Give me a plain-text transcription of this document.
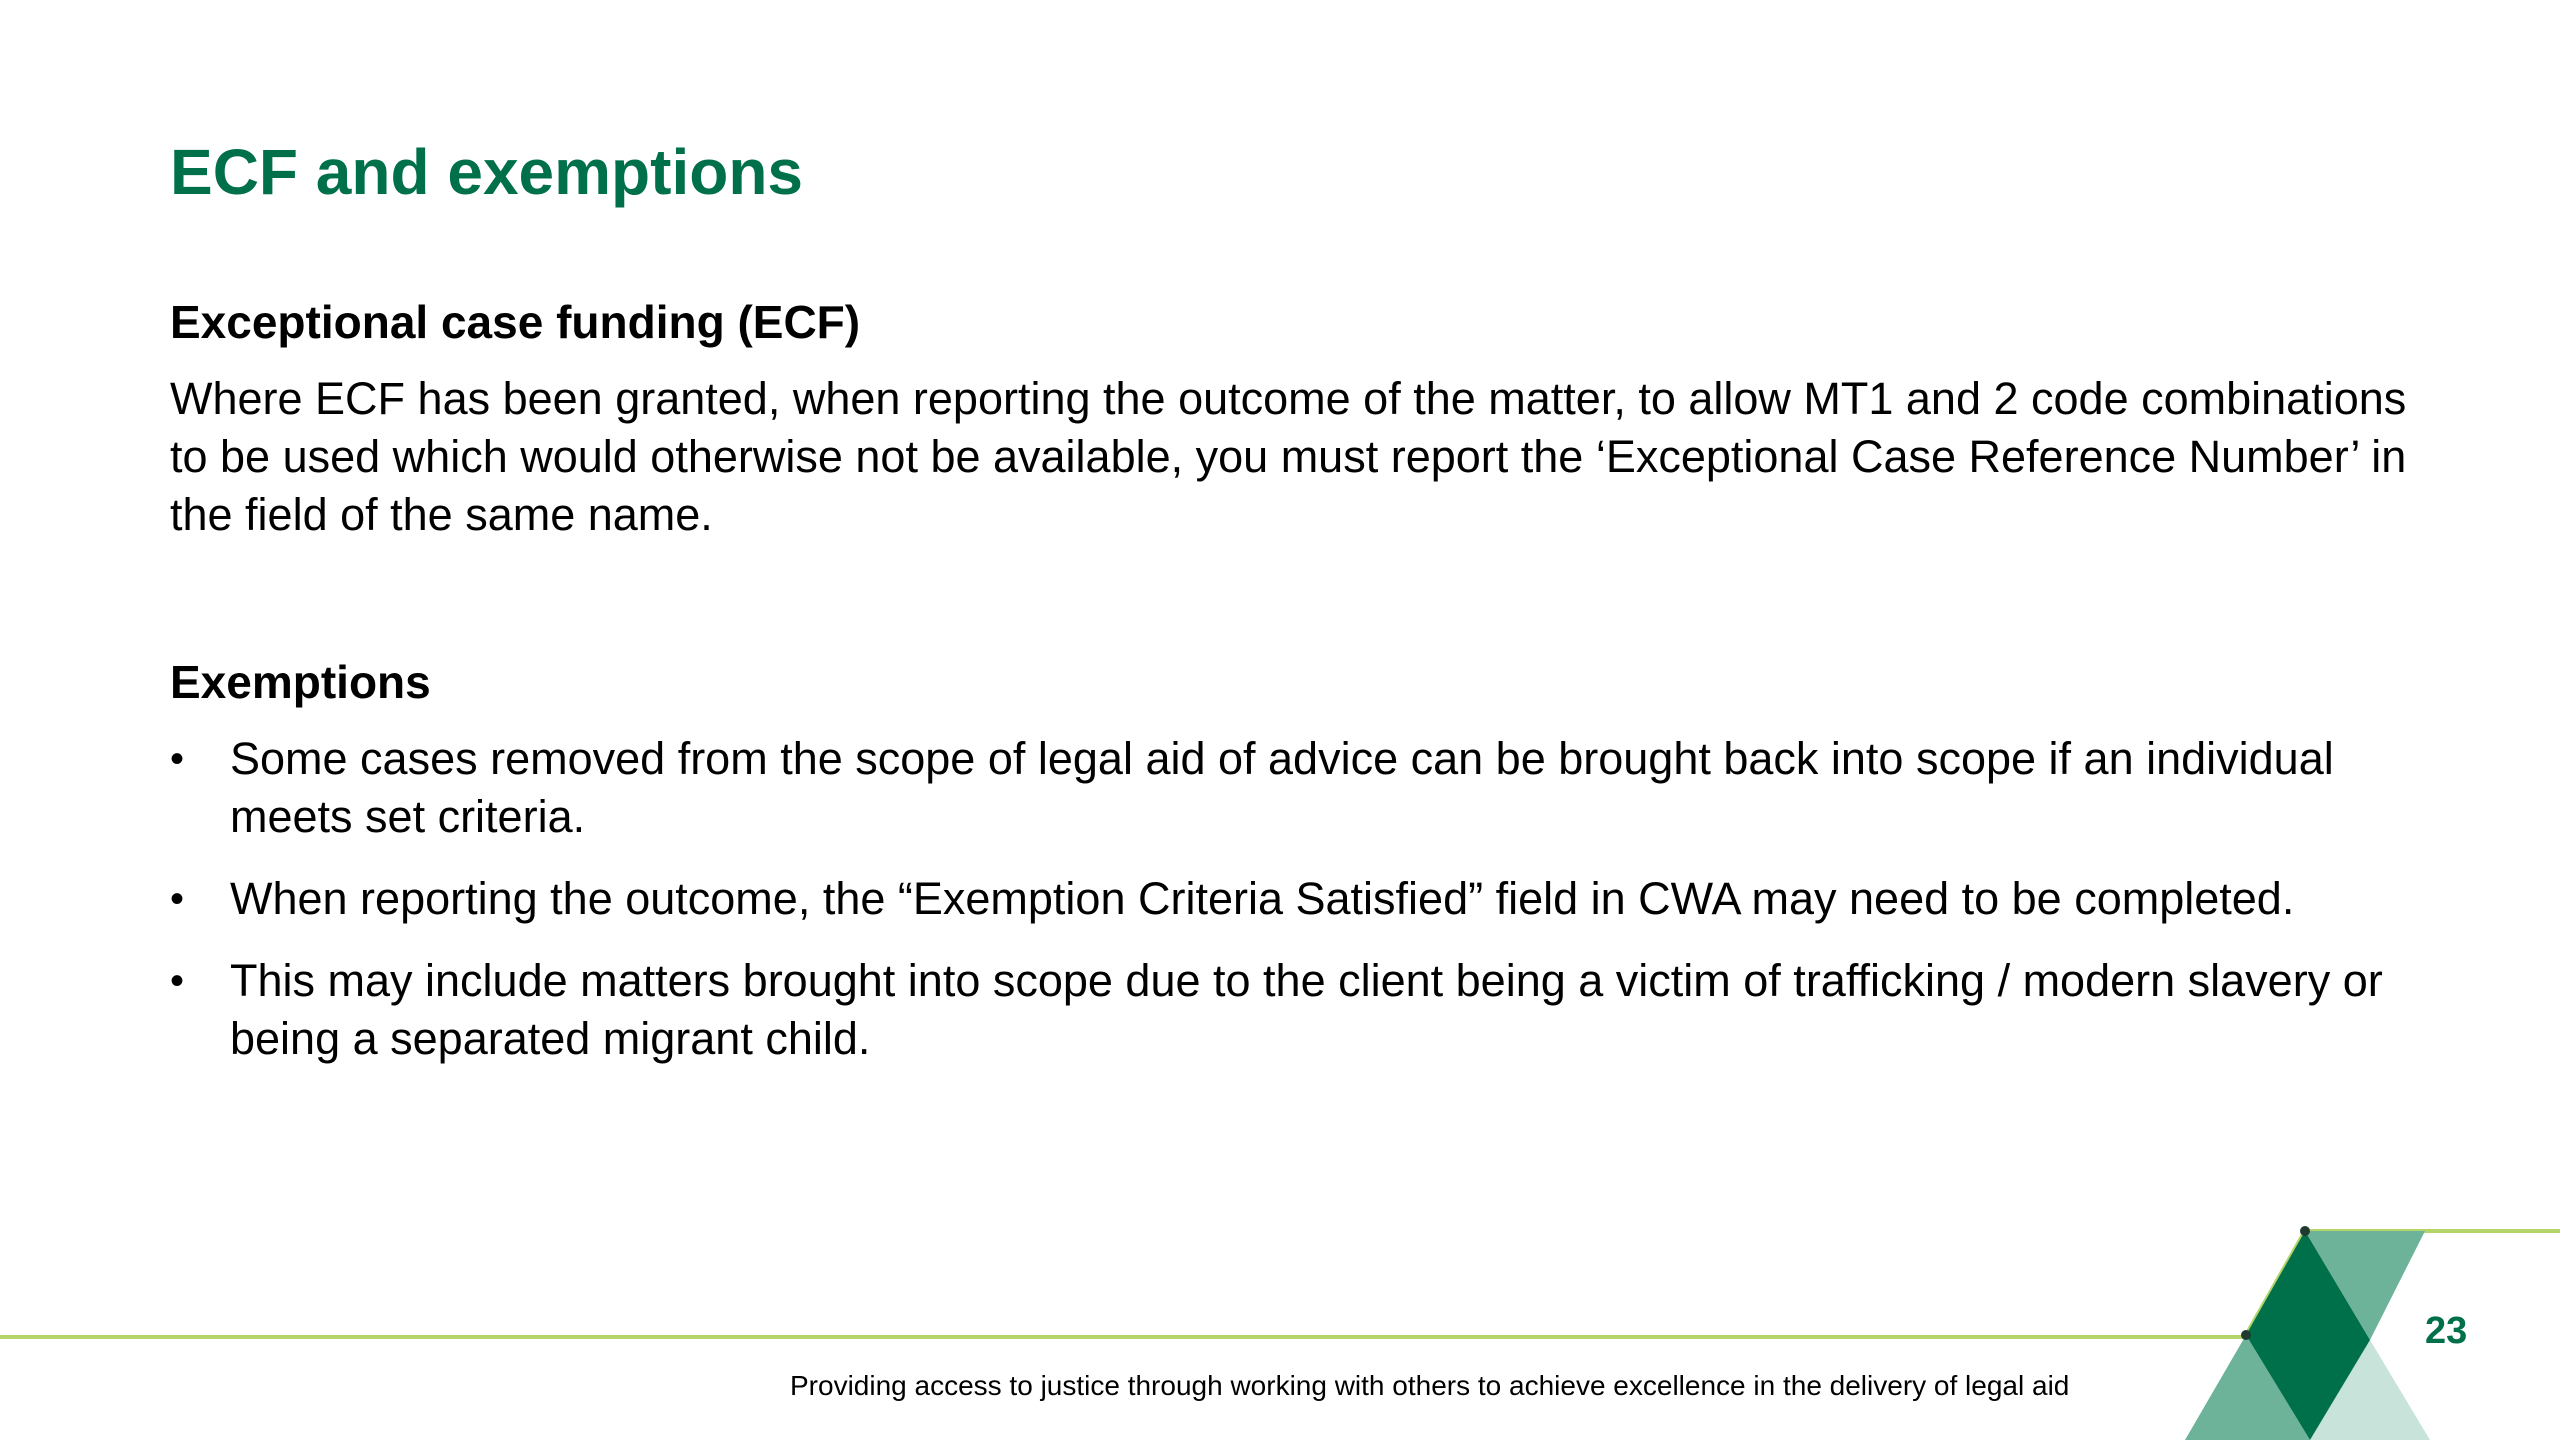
ECF and exemptions

Exceptional case funding (ECF)

Where ECF has been granted, when reporting the outcome of the matter, to allow MT1 and 2 code combinations to be used which would otherwise not be available, you must report the ‘Exceptional Case Reference Number’ in the field of the same name.

Exemptions

• Some cases removed from the scope of legal aid of advice can be brought back into scope if an individual meets set criteria.
• When reporting the outcome, the “Exemption Criteria Satisfied” field in CWA may need to be completed.
• This may include matters brought into scope due to the client being a victim of trafficking / modern slavery or being a separated migrant child.
23
Providing access to justice through working with others to achieve excellence in the delivery of legal aid
